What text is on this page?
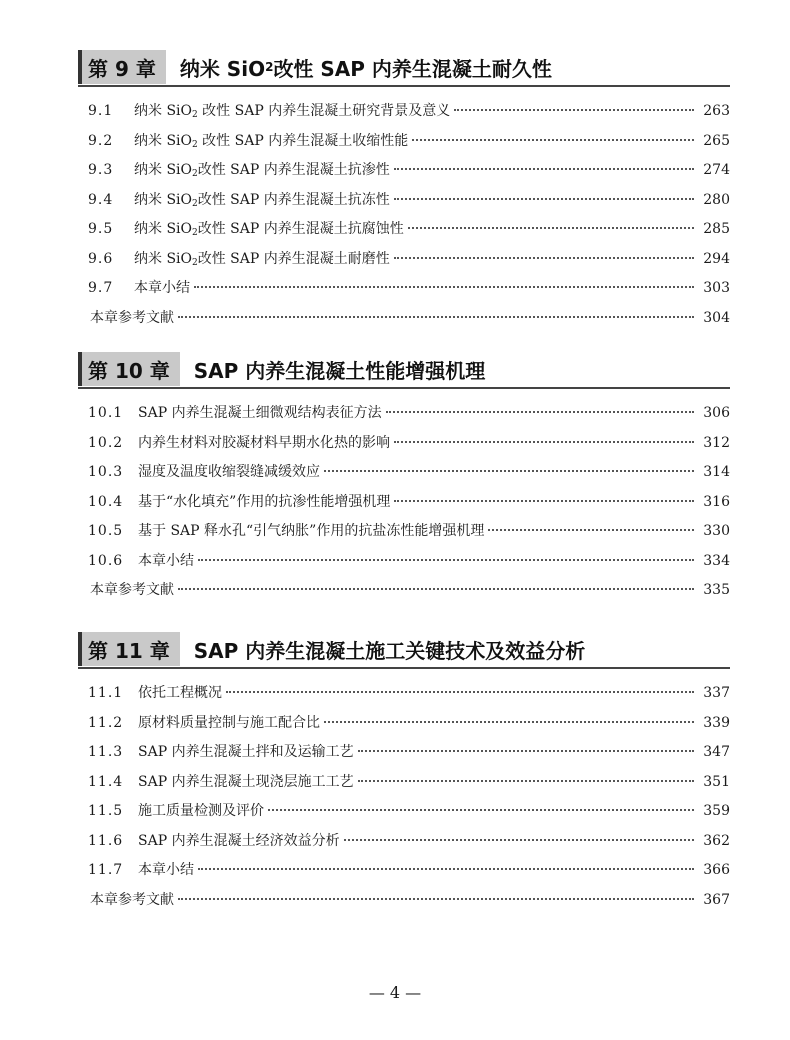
第 9 章	纳米 SiO 2 改性 SAP 内养生混凝土耐久性
9.1	纳米 SiO$_2$ 改性 SAP 内养生混凝土研究背景及意义	263
9.2	纳米 SiO$_2$ 改性 SAP 内养生混凝土收缩性能	265
9.3	纳米 SiO$_2$改性 SAP 内养生混凝土抗渗性	274
9.4	纳米 SiO$_2$改性 SAP 内养生混凝土抗冻性	280
9.5	纳米 SiO$_2$改性 SAP 内养生混凝土抗腐蚀性	285
9.6	纳米 SiO$_2$改性 SAP 内养生混凝土耐磨性	294
9.7	本章小结	303
本章参考文献	304
第 10 章	SAP 内养生混凝土性能增强机理
10.1	SAP 内养生混凝土细微观结构表征方法	306
10.2	内养生材料对胶凝材料早期水化热的影响	312
10.3	湿度及温度收缩裂缝减缓效应	314
10.4	基于“水化填充”作用的抗渗性能增强机理	316
10.5	基于 SAP 释水孔“引气纳胀”作用的抗盐冻性能增强机理	330
10.6	本章小结	334
本章参考文献	335
第 11 章	SAP 内养生混凝土施工关键技术及效益分析
11.1	依托工程概况	337
11.2	原材料质量控制与施工配合比	339
11.3	SAP 内养生混凝土拌和及运输工艺	347
11.4	SAP 内养生混凝土现浇层施工工艺	351
11.5	施工质量检测及评价	359
11.6	SAP 内养生混凝土经济效益分析	362
11.7	本章小结	366
本章参考文献	367
— 4 —
